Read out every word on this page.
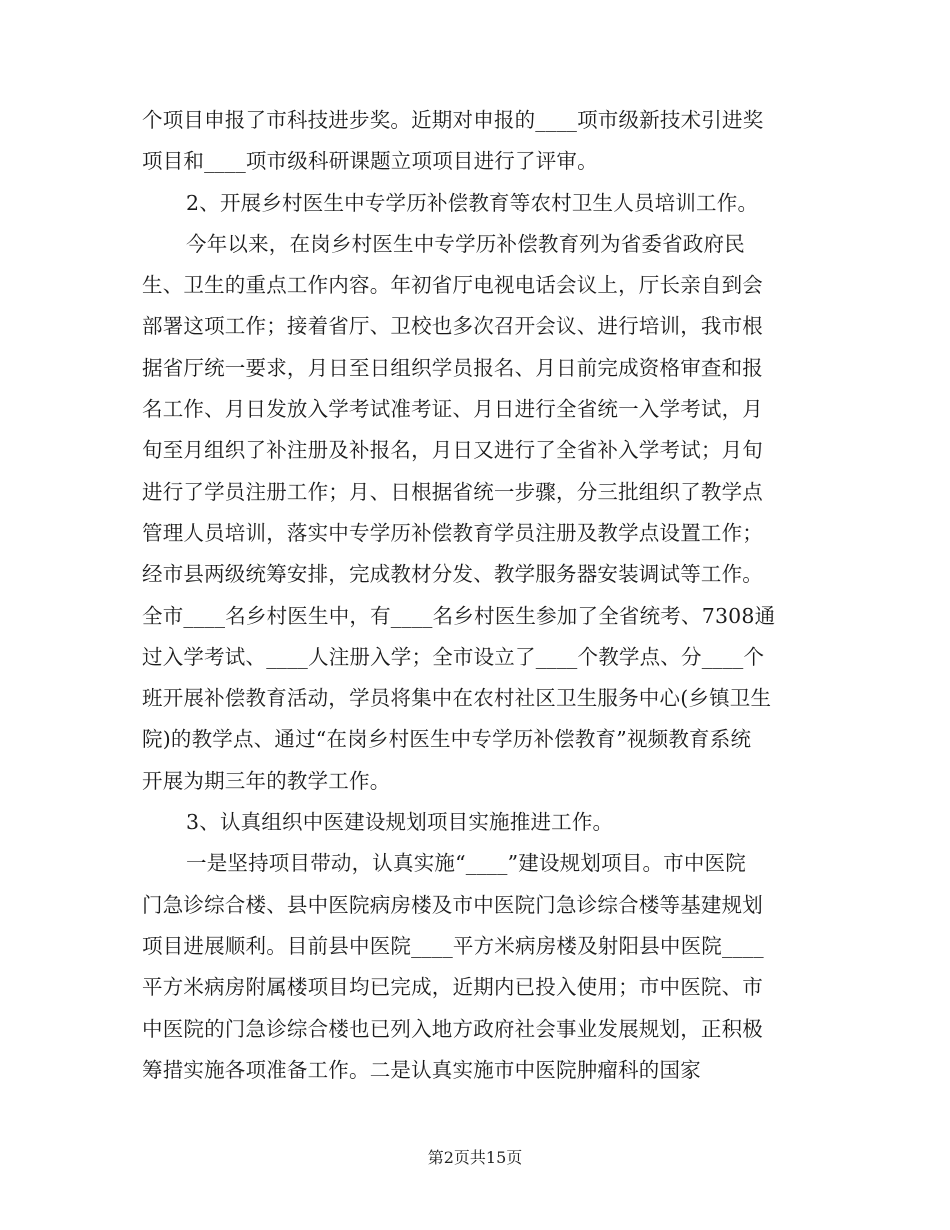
个项目申报了市科技进步奖。近期对申报的____项市级新技术引进奖
项目和____项市级科研课题立项项目进行了评审。
2、开展乡村医生中专学历补偿教育等农村卫生人员培训工作。
今年以来，在岗乡村医生中专学历补偿教育列为省委省政府民
生、卫生的重点工作内容。年初省厅电视电话会议上，厅长亲自到会
部署这项工作；接着省厅、卫校也多次召开会议、进行培训，我市根
据省厅统一要求，月日至日组织学员报名、月日前完成资格审查和报
名工作、月日发放入学考试准考证、月日进行全省统一入学考试，月
旬至月组织了补注册及补报名，月日又进行了全省补入学考试；月旬
进行了学员注册工作；月、日根据省统一步骤，分三批组织了教学点
管理人员培训，落实中专学历补偿教育学员注册及教学点设置工作；
经市县两级统筹安排，完成教材分发、教学服务器安装调试等工作。
全市____名乡村医生中，有____名乡村医生参加了全省统考、7308通
过入学考试、____人注册入学；全市设立了____个教学点、分____个
班开展补偿教育活动，学员将集中在农村社区卫生服务中心(乡镇卫生
院)的教学点、通过“在岗乡村医生中专学历补偿教育”视频教育系统
开展为期三年的教学工作。
3、认真组织中医建设规划项目实施推进工作。
一是坚持项目带动，认真实施“____”建设规划项目。市中医院
门急诊综合楼、县中医院病房楼及市中医院门急诊综合楼等基建规划
项目进展顺利。目前县中医院____平方米病房楼及射阳县中医院____
平方米病房附属楼项目均已完成，近期内已投入使用；市中医院、市
中医院的门急诊综合楼也已列入地方政府社会事业发展规划，正积极
筹措实施各项准备工作。二是认真实施市中医院肿瘤科的国家
第2页共15页
